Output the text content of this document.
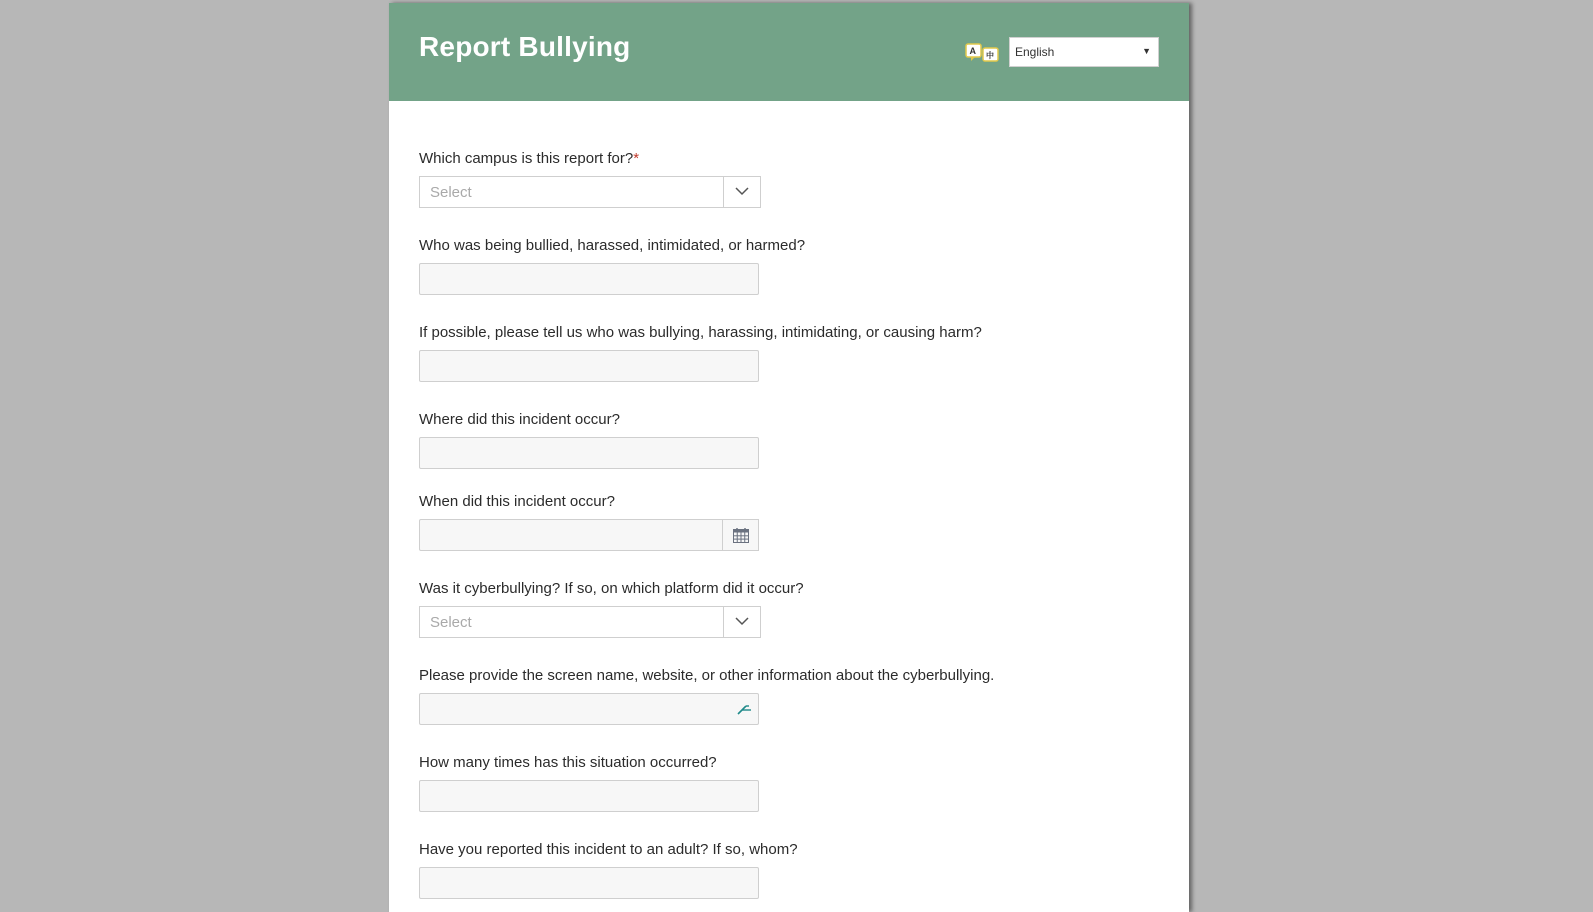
Report Bullying	A 中 English	▼
Which campus is this report for?*
Select
Who was being bullied, harassed, intimidated, or harmed?
If possible, please tell us who was bullying, harassing, intimidating, or causing harm?
Where did this incident occur?
When did this incident occur?
Was it cyberbullying? If so, on which platform did it occur?
Select
Please provide the screen name, website, or other information about the cyberbullying.
How many times has this situation occurred?
Have you reported this incident to an adult? If so, whom?
